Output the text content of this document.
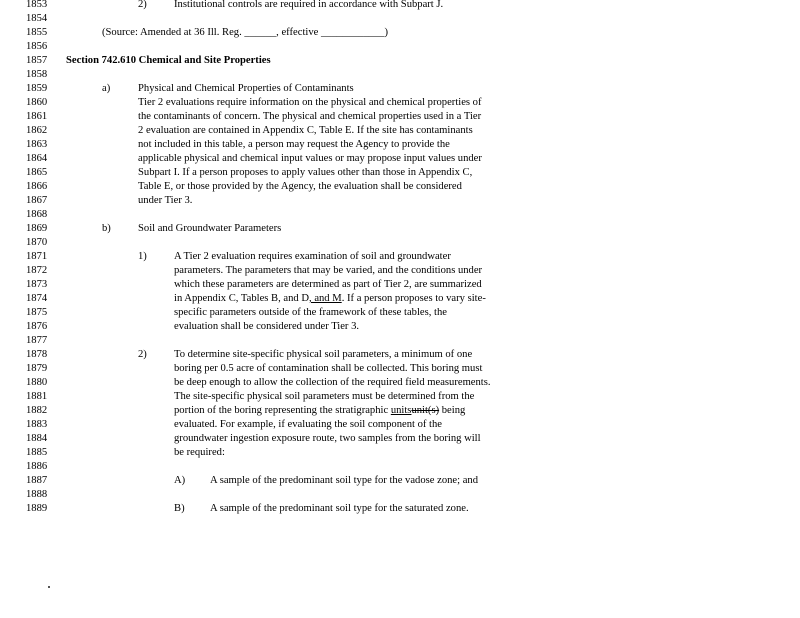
1853
1854
1855
1856
1857
1858
1859
1860
1861
1862
1863
1864
1865
1866
1867
1868
1869
1870
1871
1872
1873
1874
1875
1876
1877
1878
1879
1880
1881
1882
1883
1884
1885
1886
1887
1888
1889
2)	Institutional controls are required in accordance with Subpart J.
(Source: Amended at 36 Ill. Reg. ______, effective ____________)
Section 742.610 Chemical and Site Properties
a)	Physical and Chemical Properties of Contaminants
Tier 2 evaluations require information on the physical and chemical properties of
the contaminants of concern. The physical and chemical properties used in a Tier
2 evaluation are contained in Appendix C, Table E. If the site has contaminants
not included in this table, a person may request the Agency to provide the
applicable physical and chemical input values or may propose input values under
Subpart I. If a person proposes to apply values other than those in Appendix C,
Table E, or those provided by the Agency, the evaluation shall be considered
under Tier 3.
b)	Soil and Groundwater Parameters
1)	A Tier 2 evaluation requires examination of soil and groundwater
parameters. The parameters that may be varied, and the conditions under
which these parameters are determined as part of Tier 2, are summarized
in Appendix C, Tables B, and D, and M. If a person proposes to vary site-
specific parameters outside of the framework of these tables, the
evaluation shall be considered under Tier 3.
2)	To determine site-specific physical soil parameters, a minimum of one
boring per 0.5 acre of contamination shall be collected. This boring must
be deep enough to allow the collection of the required field measurements.
The site-specific physical soil parameters must be determined from the
portion of the boring representing the stratigraphic unitsunit(s) being
evaluated. For example, if evaluating the soil component of the
groundwater ingestion exposure route, two samples from the boring will
be required:
A) A sample of the predominant soil type for the vadose zone; and
B) A sample of the predominant soil type for the saturated zone.
